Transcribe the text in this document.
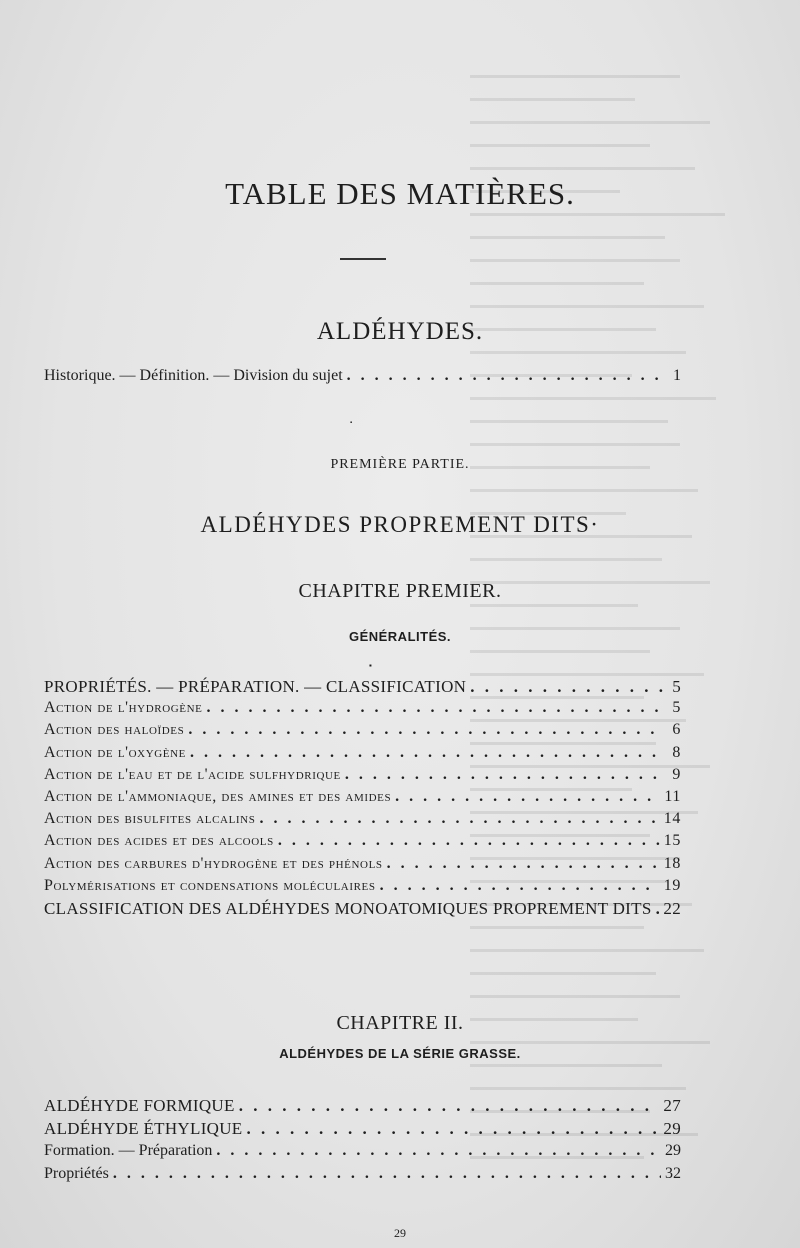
TABLE DES MATIÈRES.
ALDÉHYDES.
Historique. — Définition. — Division du sujet . . .	1
▪
PREMIÈRE PARTIE.
ALDÉHYDES PROPREMENT DITS·
CHAPITRE PREMIER.
GÉNÉRALITÉS.
▪
PROPRIÉTÉS. — PRÉPARATION. — CLASSIFICATION . . .	5
Action de l'hydrogène . . .	5
Action des haloïdes . . .	6
Action de l'oxygène . . .	8
Action de l'eau et de l'acide sulfhydrique . . .	9
Action de l'ammoniaque, des amines et des amides . . .	11
Action des bisulfites alcalins . . .	14
Action des acides et des alcools . . .	15
Action des carbures d'hydrogène et des phénols . . .	18
Polymérisations et condensations moléculaires . . .	19
CLASSIFICATION DES ALDÉHYDES MONOATOMIQUES PROPREMENT DITS . . . 22
CHAPITRE II.
ALDÉHYDES DE LA SÉRIE GRASSE.
ALDÉHYDE FORMIQUE . . .	27
ALDÉHYDE ÉTHYLIQUE . . .	29
Formation. — Préparation . . .	29
Propriétés . . .	32
29
